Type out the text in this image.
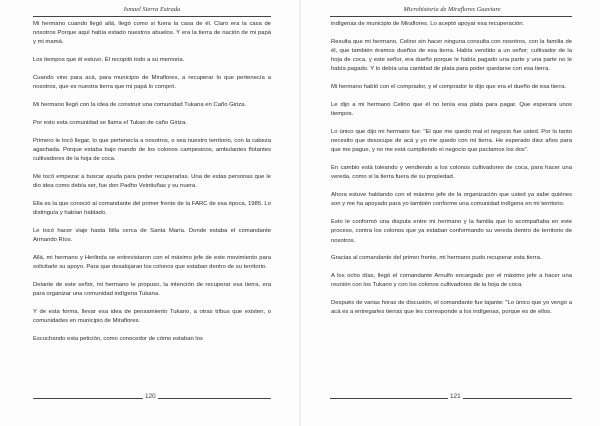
Ismael Sierra Estrada

Mi hermano cuando llegó allá, llegó como si fuera la casa de él. Claro era la casa de nosotros Porque aquí había estado nuestros abuelos. Y era la tierra de nación de mi papá y mi mamá.

Los tiempos que él estuvo. Él recopiló todo a su memoria.

Cuando vino para acá, para municipio de Miraflores, a recuperar lo que pertenecía a nosotros, que es nuestra tierra que mi papá lo compró.

Mi hermano llegó con la idea de construir una comunidad Tukana en Caño Giriza.

Por esto esta comunidad se llama el Tukan de caño Giriza.

Primero le tocó llegar, lo que pertenecía a nosotros, o sea nuestro territorio, con la cabeza agachada. Porque estaba bajo mando de los colonos campesinos, ambulantes flotantes cultivadores de la hoja de coca.

Me tocó empezar a buscar ayuda para poder recuperarlas. Una de estas personas que le dio idea como debía ser, fue don Padho Veintiuñas y su nuera.

Ella es la que conoció al comandante del primer frente de la FARC de esa época, 1985. Lo distinguía y habían hablado.

Le tocó hacer viaje hasta Itilla cerca de Santa María. Donde estaba el comandante Armando Ríos.

Allá, mi hermano y Herlinda se entrevistaron con el máximo jefe de este movimiento para solicitarle su apoyo. Para que desalojaran los colonos que estaban dentro de su territorio.

Delante de este señor, mi hermano le propuso, la intención de recuperar esa tierra, era para organizar una comunidad indígena Tukana.

Y de esta forma, llevar esa idea de pensamiento Tukano, a otras tribus que existen, o comunidades en municipio de Miraflores.

Escuchando esta petición, como conocedor de cómo estaban los

120
Microhistoria de Miraflores Guaviare

indígenas de municipio de Miraflores. Lo aceptó apoyar esa recuperación.

Resulta que mi hermano, Celino sin hacer ninguna consulta con nosotros, con la familia de él, que también éramos dueños de esa tierra. Había vendido a un señor; cultivador de la hoja de coca, y este señor, era dueño porque le había pagado una parte y una parte no le había pagado. Y lo debía una cantidad de plata para poder quedarse con esa tierra.

Mi hermano habló con el comprador, y el comprador le dijo que era el dueño de esa tierra.

Le dijo a mi hermano Celino que él no tenía esa plata para pagar. Que esperara unos tiempos.

Lo único que dijo mi hermano fue: "El que me quedo mal el negocio fue usted. Por lo tanto necesito que desocupe de acá y yo me quedo con mi tierra. He esperado diez años para que me pague, y no me está cumpliendo el negocio que pactamos los dos".

En cambio está toleando y vendiendo a los colonos cultivadores de coca, para hacer una vereda, como si la tierra fuera de su propiedad.

Ahora estuve hablando con el máximo jefe de la organización que usted ya sabe quiénes son y me ha apoyado para yo también conforme una comunidad indígena en mi territorio.

Esto le conformó una disputa entre mi hermano y la familia que lo acompañaba en este proceso, contra los colonos que ya estaban conformando su vereda dentro de territorio de nosotros.

Gracias al comandante del primer frente, mi hermano pudo recuperar esta tierra.

A los ocho días, llegó el comandante Arnulfo encargado por el máximo jefe a hacer una reunión con los Tukano y con los colonos cultivadores de la hoja de coca.

Después de varias horas de discusión, el comandante fue tajante: "Lo único que yo vengo a acá es a entregarles tierras que les corresponde a los indígenas, porque es de ellos.

121
